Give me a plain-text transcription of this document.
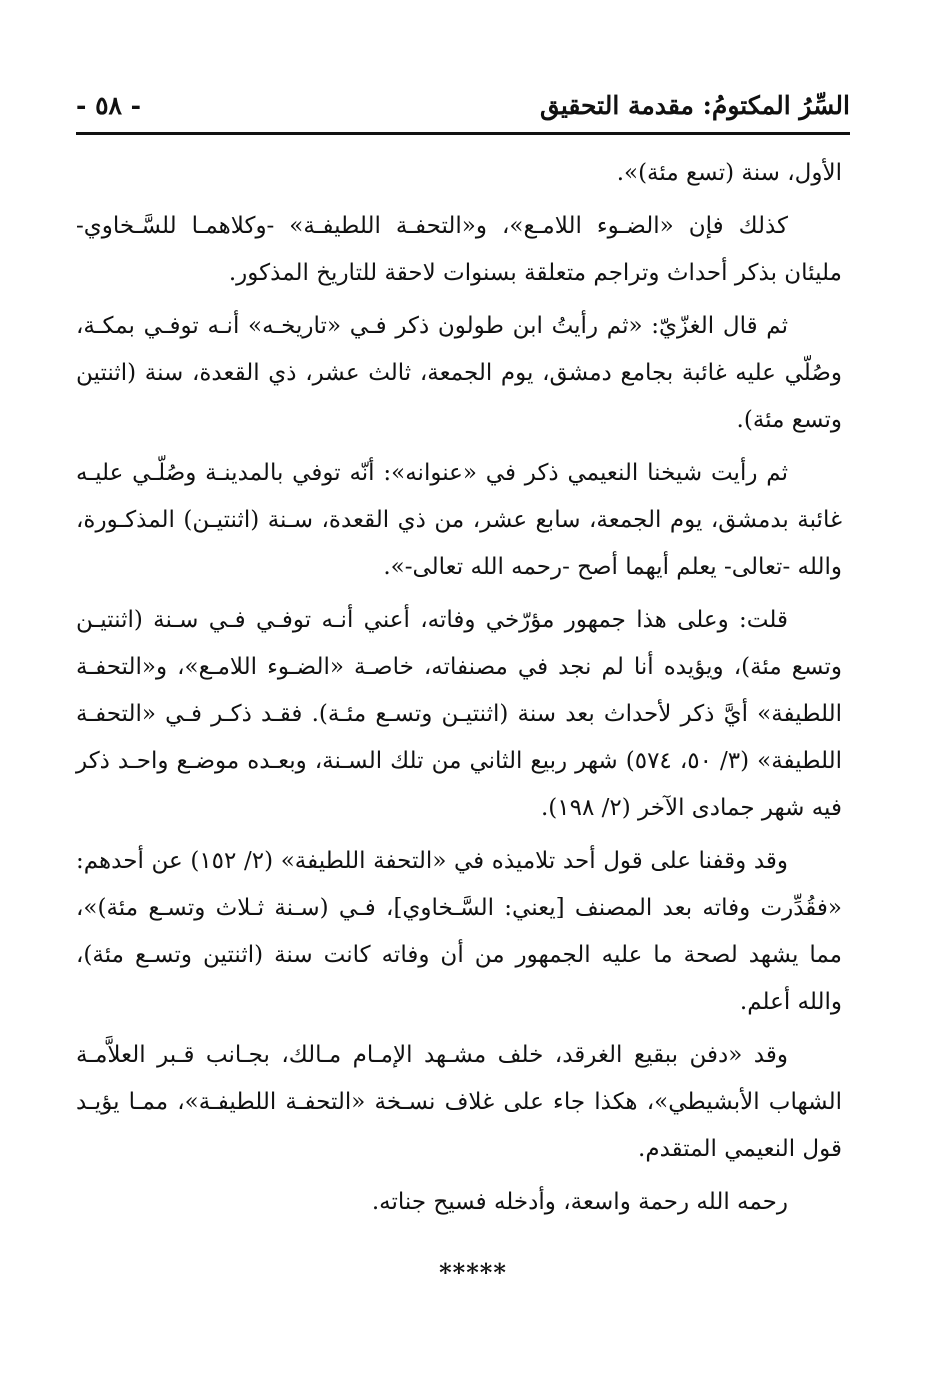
السِّرُ المكتومُ: مقدمة التحقيق
- ٥٨ -

الأول، سنة (تسع مئة)».

كذلك فإن «الضـوء اللامـع»، و«التحفـة اللطيفـة» -وكلاهمـا للسَّـخاوي- مليئان بذكر أحداث وتراجم متعلقة بسنوات لاحقة للتاريخ المذكور.

ثم قال الغزّيّ: «ثم رأيتُ ابن طولون ذكر فـي «تاريخـه» أنـه توفـي بمكـة، وصُلّي عليه غائبة بجامع دمشق، يوم الجمعة، ثالث عشر، ذي القعدة، سنة (اثنتين وتسع مئة).

ثم رأيت شيخنا النعيمي ذكر في «عنوانه»: أنّه توفي بالمدينـة وصُلّـي عليـه غائبة بدمشق، يوم الجمعة، سابع عشر، من ذي القعدة، سـنة (اثنتيـن) المذكـورة، والله -تعالى- يعلم أيهما أصح -رحمه الله تعالى-».

قلت: وعلى هذا جمهور مؤرّخي وفاته، أعني أنـه توفـي فـي سـنة (اثنتيـن وتسع مئة)، ويؤيده أنا لم نجد في مصنفاته، خاصـة «الضـوء اللامـع»، و«التحفـة اللطيفة» أيَّ ذكر لأحداث بعد سنة (اثنتيـن وتسـع مئـة). فقـد ذكـر فـي «التحفـة اللطيفة» (٣/ ٥٠، ٥٧٤) شهر ربيع الثاني من تلك السـنة، وبعـده موضـع واحـد ذكر فيه شهر جمادى الآخر (٢/ ١٩٨).

وقد وقفنا على قول أحد تلاميذه في «التحفة اللطيفة» (٢/ ١٥٢) عن أحدهم: «فقُدِّرت وفاته بعد المصنف [يعني: السَّـخاوي]، فـي (سـنة ثـلاث وتسـع مئة)»، مما يشهد لصحة ما عليه الجمهور من أن وفاته كانت سنة (اثنتين وتسـع مئة)، والله أعلم.

وقد «دفن ببقيع الغرقد، خلف مشـهد الإمـام مـالك، بجـانب قـبر العلاَّمـة الشهاب الأبشيطي»، هكذا جاء على غلاف نسـخة «التحفـة اللطيفـة»، ممـا يؤيـد قول النعيمي المتقدم.

رحمه الله رحمة واسعة، وأدخله فسيح جناته.

*****
